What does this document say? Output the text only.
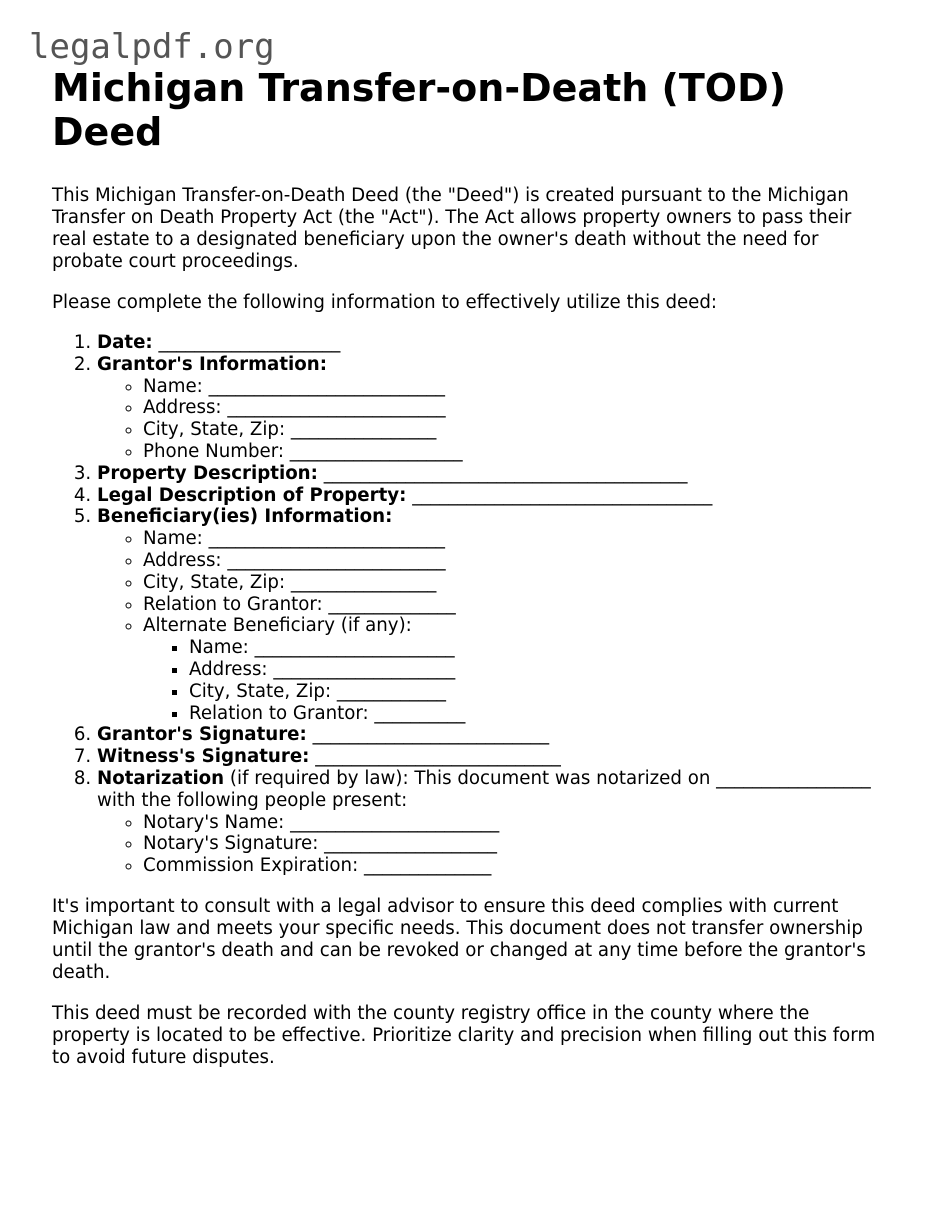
legalpdf.org
Michigan Transfer-on-Death (TOD) Deed

This Michigan Transfer-on-Death Deed (the "Deed") is created pursuant to the Michigan Transfer on Death Property Act (the "Act"). The Act allows property owners to pass their real estate to a designated beneficiary upon the owner's death without the need for probate court proceedings.

Please complete the following information to effectively utilize this deed:

1. Date: ____________________
2. Grantor's Information:
◦ Name: __________________________
◦ Address: ________________________
◦ City, State, Zip: ________________
◦ Phone Number: ___________________
3. Property Description: ________________________________________
4. Legal Description of Property: _________________________________
5. Beneficiary(ies) Information:
◦ Name: __________________________
◦ Address: ________________________
◦ City, State, Zip: ________________
◦ Relation to Grantor: ______________
◦ Alternate Beneficiary (if any):
▪ Name: ______________________
▪ Address: ____________________
▪ City, State, Zip: ____________
▪ Relation to Grantor: __________
6. Grantor's Signature: __________________________
7. Witness's Signature: ___________________________
8. Notarization (if required by law): This document was notarized on _________________ with the following people present:
◦ Notary's Name: _______________________
◦ Notary's Signature: ___________________
◦ Commission Expiration: ______________

It's important to consult with a legal advisor to ensure this deed complies with current Michigan law and meets your specific needs. This document does not transfer ownership until the grantor's death and can be revoked or changed at any time before the grantor's death.

This deed must be recorded with the county registry office in the county where the property is located to be effective. Prioritize clarity and precision when filling out this form to avoid future disputes.
